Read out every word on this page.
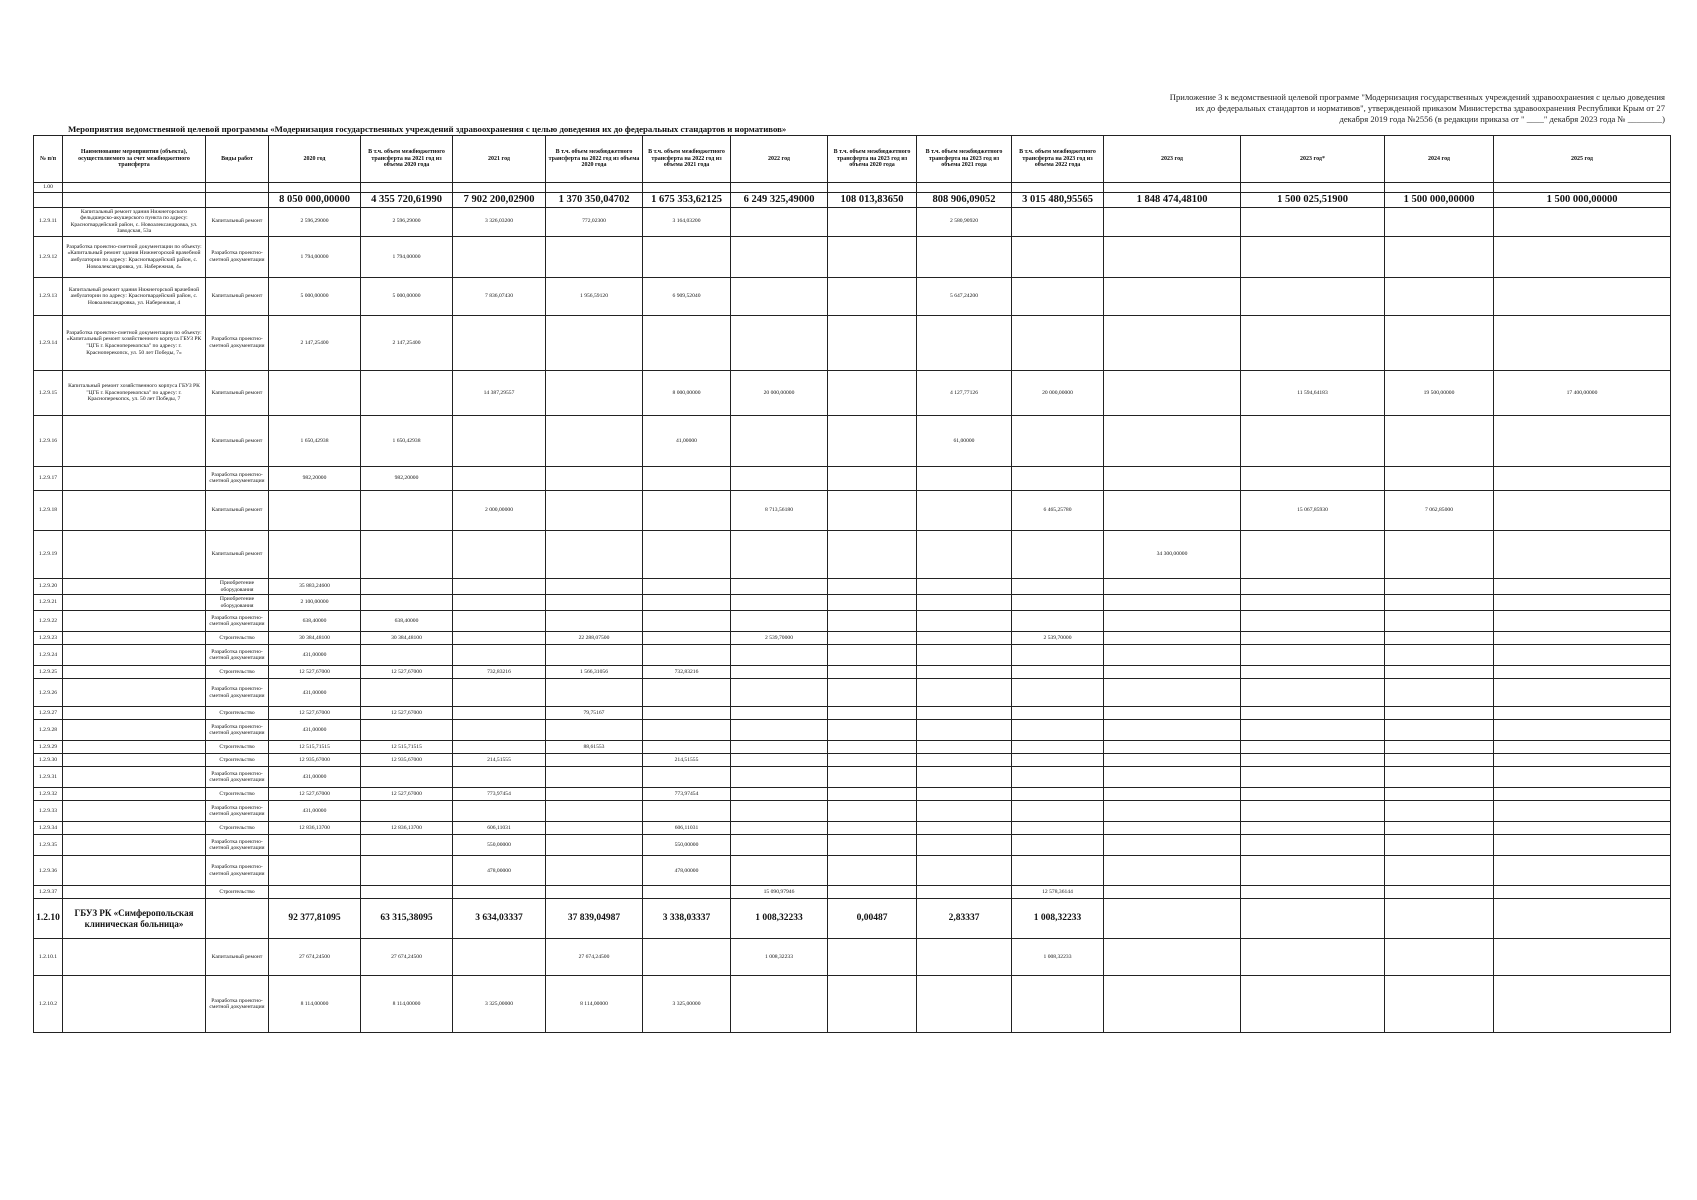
Приложение 3 к ведомственной целевой программе "Модернизация государственных учреждений здравоохранения с целью доведения
их до федеральных стандартов и нормативов", утвержденной приказом Министерства здравоохранения Республики Крым от 27
декабря 2019 года №2556 (в редакции приказа от " ____" декабря 2023 года № ________)
Мероприятия ведомственной целевой программы «Модернизация государственных учреждений здравоохранения с целью доведения их до федеральных стандартов и нормативов»
№ п/п	Наименование мероприятия (объекта), осуществляемого за счет межбюджетного трансферта	Виды работ	2020 год	В т.ч. объем межбюджетного трансферта на 2021 год из объема 2020 года	2021 год	В т.ч. объем межбюджетного трансферта на 2022 год из объема 2020 года	В т.ч. объем межбюджетного трансферта на 2022 год из объема 2021 года	2022 год	В т.ч. объем межбюджетного трансферта на 2023 год из объема 2020 года	В т.ч. объем межбюджетного трансферта на 2023 год из объема 2021 года	В т.ч. объем межбюджетного трансферта на 2023 год из объема 2022 года	2023 год	2023 год*	2024 год	2025 год
1.00															
			8 050 000,00000	4 355 720,61990	7 902 200,02900	1 370 350,04702	1 675 353,62125	6 249 325,49000	108 013,83650	808 906,09052	3 015 480,95565	1 848 474,48100	1 500 025,51900	1 500 000,00000	1 500 000,00000
1.2.9.11	Капитальный ремонт здания Нижнегорского фельдшерско-акушерского пункта по адресу: Красногвардейский район, с. Новоалександровка, ул. Заводская, 53а	Капитальный ремонт	2 596,29000	2 596,29000	3 326,03200	772,02300	3 164,03200			2 580,90920					
1.2.9.12	Разработка проектно-сметной документации по объекту: «Капитальный ремонт здания Нижнегорской врачебной амбулатории по адресу: Красногвардейский район, с. Новоалександровка, ул. Набережная, 4»	Разработка проектно-сметной документации	1 794,00000	1 794,00000											
1.2.9.13	Капитальный ремонт здания Нижнегорской врачебной амбулатории по адресу: Красногвардейский район, с. Новоалександровка, ул. Набережная, 4	Капитальный ремонт	5 000,00000	5 000,00000	7 836,07430	1 956,59120	6 909,52040			5 647,24200					
1.2.9.14	Разработка проектно-сметной документации по объекту: «Капитальный ремонт хозяйственного корпуса ГБУЗ РК "ЦГБ г. Красноперекопска" по адресу: г. Красноперекопск, ул. 50 лет Победы, 7»	Разработка проектно-сметной документации	2 147,25400	2 147,25400											
1.2.9.15	Капитальный ремонт хозяйственного корпуса ГБУЗ РК "ЦГБ г. Красноперекопска" по адресу: г. Красноперекопск, ул. 50 лет Победы, 7	Капитальный ремонт			14 387,29557		8 000,00000	20 000,00000		4 127,77126	20 000,00000		11 594,64183	19 500,00000	17 400,00000
1.2.9.16		Капитальный ремонт	1 650,42938	1 650,42938			41,00000			61,00000					
1.2.9.17		Разработка проектно-сметной документации	982,20000	982,20000											
1.2.9.18		Капитальный ремонт			2 000,00000			8 713,56180			6 465,25780		15 067,85930	7 062,85000	
1.2.9.19		Капитальный ремонт										34 300,00000			
1.2.9.20		Приобретение оборудования	35 883,24600												
1.2.9.21		Приобретение оборудования	2 100,00000												
1.2.9.22		Разработка проектно-сметной документации	638,40000	638,40000											
1.2.9.23		Строительство	30 384,48100	30 384,48100		22 288,07500		2 539,70000			2 539,70000				
1.2.9.24		Разработка проектно-сметной документации	431,00000												
1.2.9.25		Строительство	12 527,67000	12 527,67000	732,83216	1 566,31056	732,83216								
1.2.9.26		Разработка проектно-сметной документации	431,00000												
1.2.9.27		Строительство	12 527,67000	12 527,67000		79,75167									
1.2.9.28		Разработка проектно-сметной документации	431,00000												
1.2.9.29		Строительство	12 515,71515	12 515,71515		88,61553									
1.2.9.30		Строительство	12 935,67000	12 935,67000	214,51555		214,51555								
1.2.9.31		Разработка проектно-сметной документации	431,00000												
1.2.9.32		Строительство	12 527,67000	12 527,67000	773,97454		773,97454								
1.2.9.33		Разработка проектно-сметной документации	431,00000												
1.2.9.34		Строительство	12 836,13700	12 836,13700	606,11031		606,11031								
1.2.9.35		Разработка проектно-сметной документации			550,00000		550,00000								
1.2.9.36		Разработка проектно-сметной документации			478,00000		478,00000								
1.2.9.37		Строительство						15 090,97946			12 578,36144				
1.2.10	ГБУЗ РК «Симферопольская клиническая больница»		92 377,81095	63 315,38095	3 634,03337	37 839,04987	3 338,03337	1 008,32233	0,00487	2,83337	1 008,32233				
1.2.10.1		Капитальный ремонт	27 674,24500	27 674,24500		27 674,24500		1 008,32233			1 008,32233				
1.2.10.2		Разработка проектно-сметной документации	8 114,00000	8 114,00000	3 325,00000	8 114,00000	3 325,00000								
